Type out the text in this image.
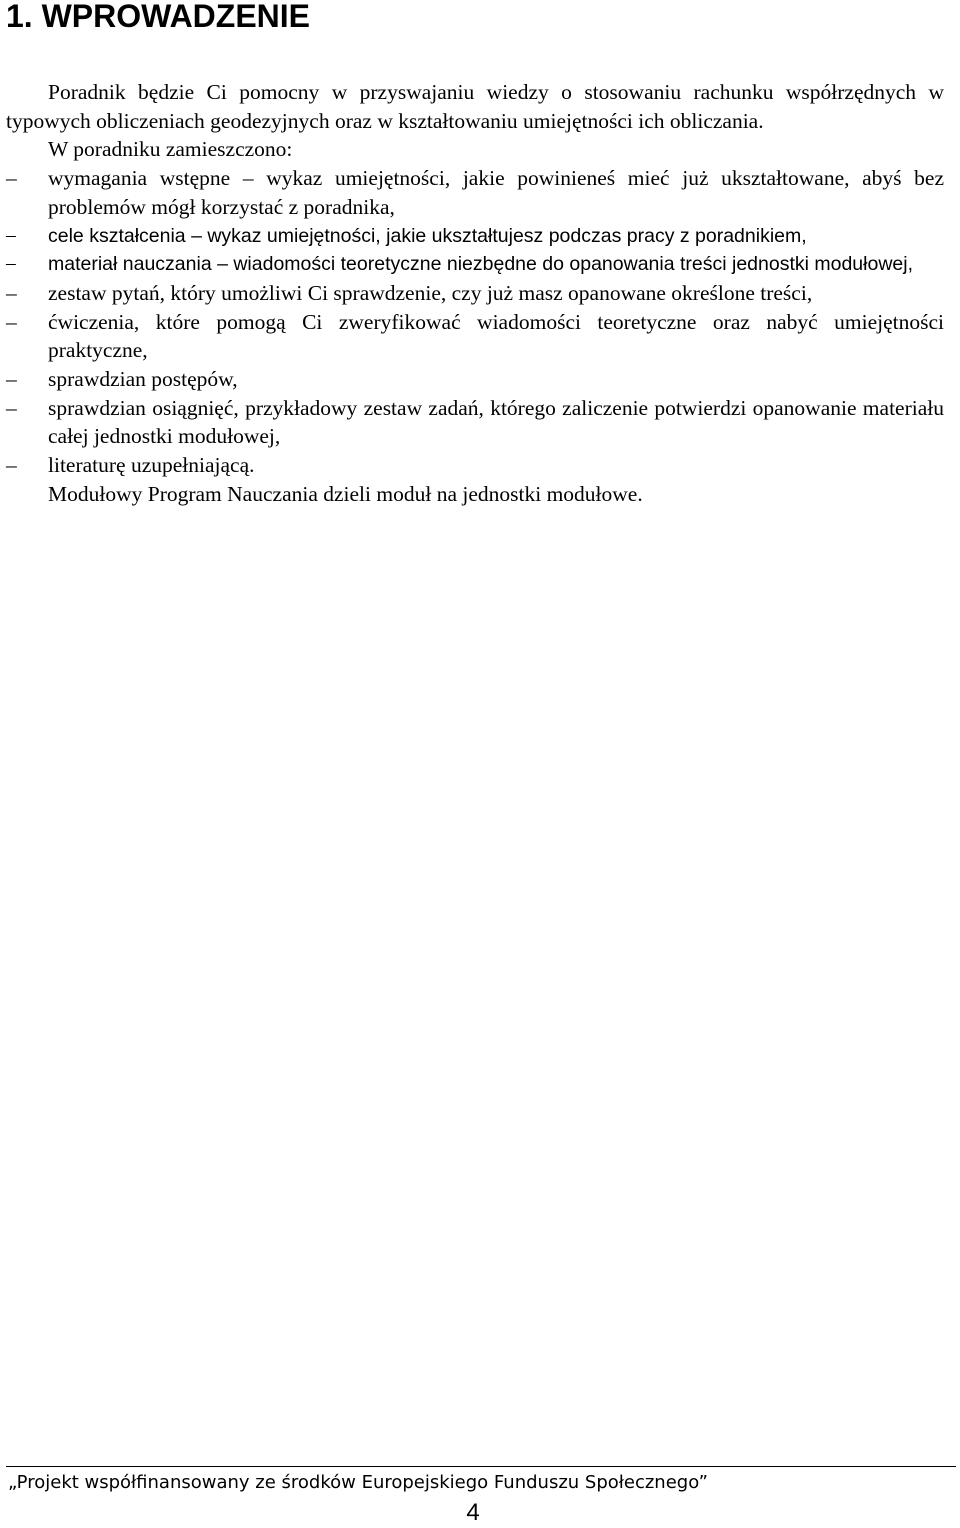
1. WPROWADZENIE

Poradnik będzie Ci pomocny w przyswajaniu wiedzy o stosowaniu rachunku współrzędnych w typowych obliczeniach geodezyjnych oraz w kształtowaniu umiejętności ich obliczania.

W poradniku zamieszczono:

– wymagania wstępne – wykaz umiejętności, jakie powinieneś mieć już ukształtowane, abyś bez problemów mógł korzystać z poradnika,
– cele kształcenia – wykaz umiejętności, jakie ukształtujesz podczas pracy z poradnikiem,
– materiał nauczania – wiadomości teoretyczne niezbędne do opanowania treści jednostki modułowej,
– zestaw pytań, który umożliwi Ci sprawdzenie, czy już masz opanowane określone treści,
– ćwiczenia, które pomogą Ci zweryfikować wiadomości teoretyczne oraz nabyć umiejętności praktyczne,
– sprawdzian postępów,
– sprawdzian osiągnięć, przykładowy zestaw zadań, którego zaliczenie potwierdzi opanowanie materiału całej jednostki modułowej,
– literaturę uzupełniającą.

Modułowy Program Nauczania dzieli moduł na jednostki modułowe.

„Projekt współfinansowany ze środków Europejskiego Funduszu Społecznego”
4
